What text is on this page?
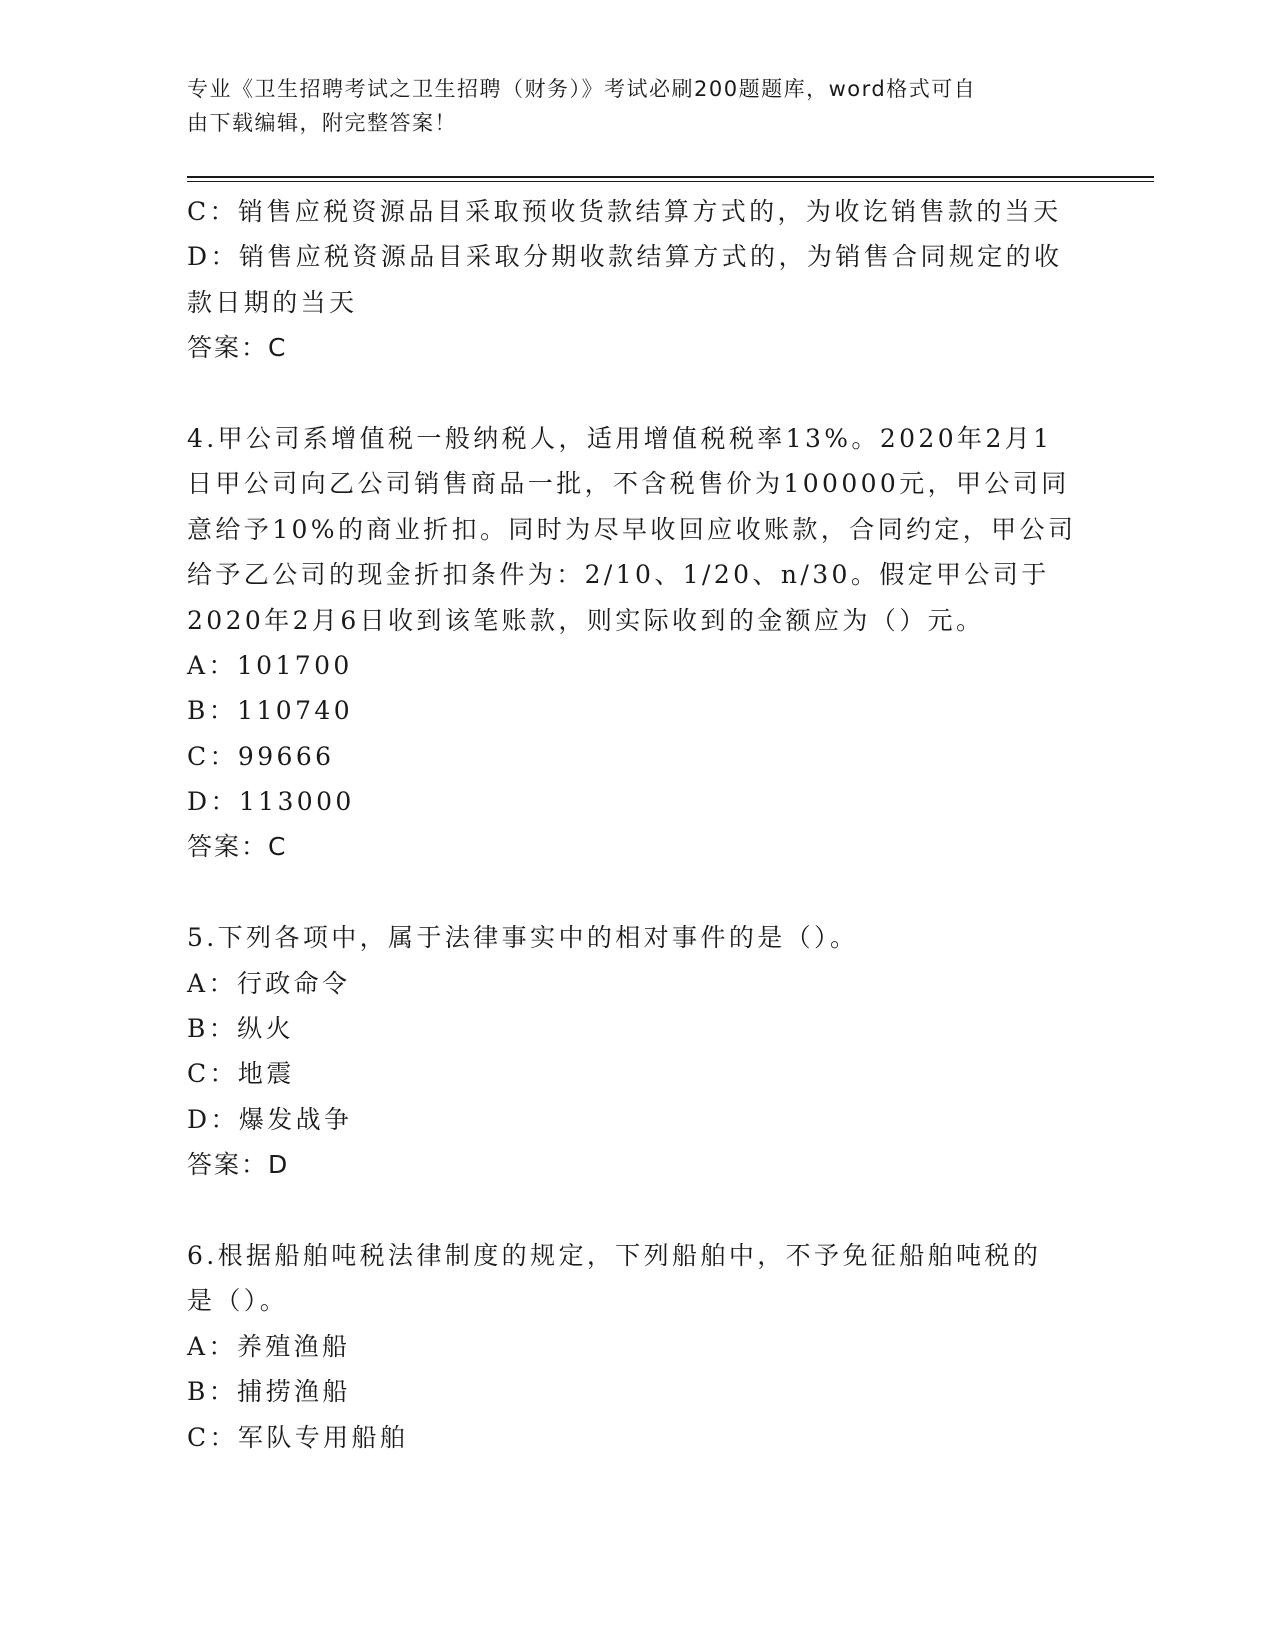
专业《卫生招聘考试之卫生招聘（财务）》考试必刷200题题库，word格式可自
由下载编辑，附完整答案！
C：销售应税资源品目采取预收货款结算方式的，为收讫销售款的当天
D：销售应税资源品目采取分期收款结算方式的，为销售合同规定的收
款日期的当天
答案：C
4.甲公司系增值税一般纳税人，适用增值税税率13%。2020年2月1
日甲公司向乙公司销售商品一批，不含税售价为100000元，甲公司同
意给予10%的商业折扣。同时为尽早收回应收账款，合同约定，甲公司
给予乙公司的现金折扣条件为：2/10、1/20、n/30。假定甲公司于
2020年2月6日收到该笔账款，则实际收到的金额应为（）元。
A：101700
B：110740
C：99666
D：113000
答案：C
5.下列各项中，属于法律事实中的相对事件的是（）。
A：行政命令
B：纵火
C：地震
D：爆发战争
答案：D
6.根据船舶吨税法律制度的规定，下列船舶中，不予免征船舶吨税的
是（）。
A：养殖渔船
B：捕捞渔船
C：军队专用船舶
